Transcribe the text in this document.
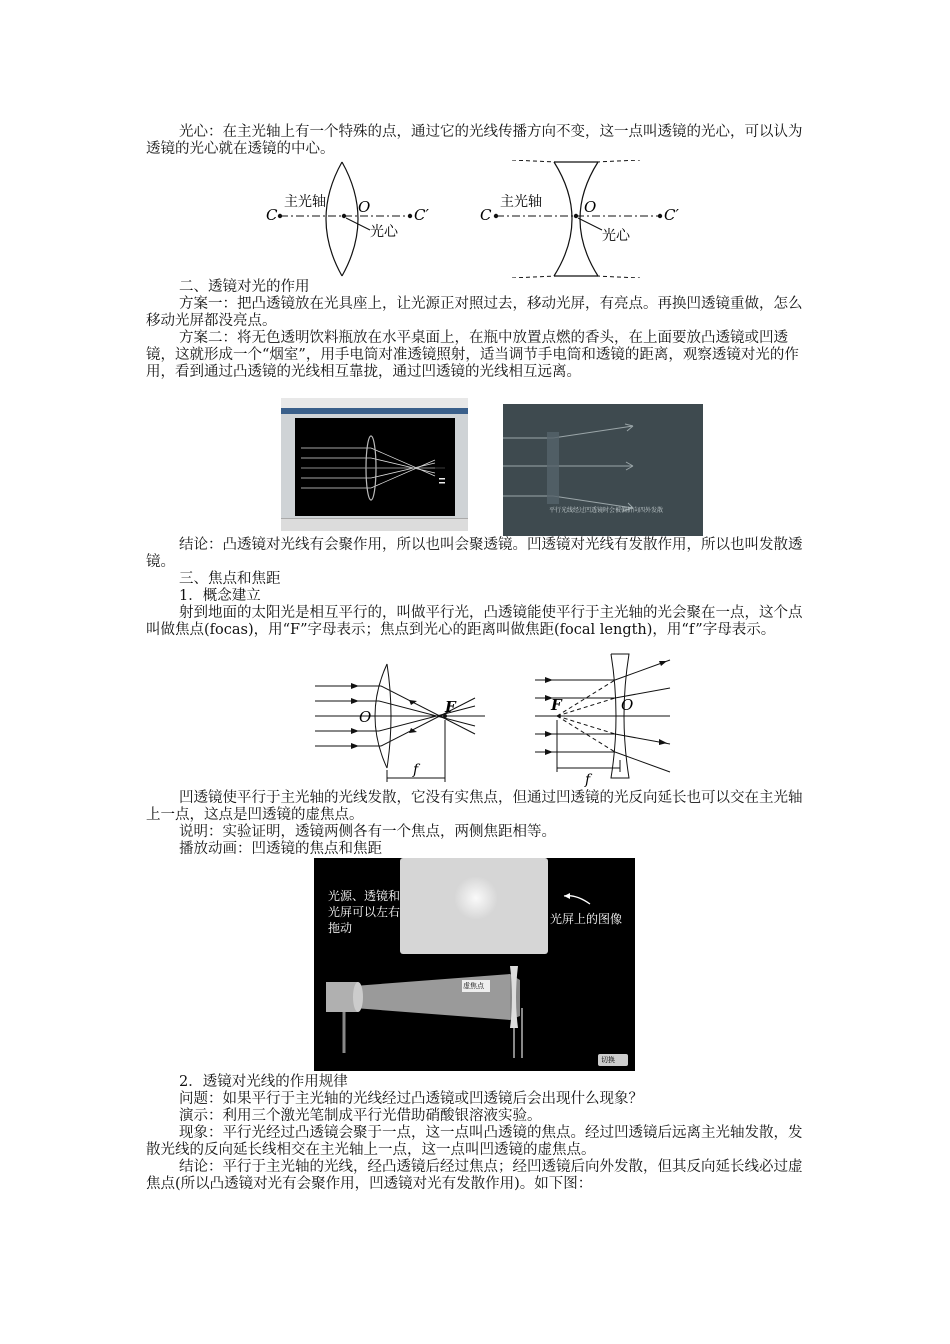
光心：在主光轴上有一个特殊的点，通过它的光线传播方向不变，这一点叫透镜的光心，可以认为透镜的光心就在透镜的中心。

C	C′
O
主光轴
光心
C	C′
O
主光轴
光心

二、透镜对光的作用

方案一：把凸透镜放在光具座上，让光源正对照过去，移动光屏，有亮点。再换凹透镜重做，怎么移动光屏都没亮点。

方案二：将无色透明饮料瓶放在水平桌面上，在瓶中放置点燃的香头，在上面要放凸透镜或凹透镜，这就形成一个“烟室”，用手电筒对准透镜照射，适当调节手电筒和透镜的距离，观察透镜对光的作用，看到通过凸透镜的光线相互靠拢，通过凹透镜的光线相互远离。

平行光线经过凹透镜时会被偏折向四外发散

结论：凸透镜对光线有会聚作用，所以也叫会聚透镜。凹透镜对光线有发散作用，所以也叫发散透镜。

三、焦点和焦距

1．概念建立

射到地面的太阳光是相互平行的，叫做平行光，凸透镜能使平行于主光轴的光会聚在一点，这个点叫做焦点(focas)，用“F”字母表示；焦点到光心的距离叫做焦距(focal length)，用“f”字母表示。

O
F
f
F	O
f

凹透镜使平行于主光轴的光线发散，它没有实焦点，但通过凹透镜的光反向延长也可以交在主光轴上一点，这点是凹透镜的虚焦点。

说明：实验证明，透镜两侧各有一个焦点，两侧焦距相等。

播放动画：凹透镜的焦点和焦距

光源、透镜和光屏可以左右拖动
光屏上的图像
虚焦点
切换

2．透镜对光线的作用规律

问题：如果平行于主光轴的光线经过凸透镜或凹透镜后会出现什么现象？

演示：利用三个激光笔制成平行光借助硝酸银溶液实验。

现象：平行光经过凸透镜会聚于一点，这一点叫凸透镜的焦点。经过凹透镜后远离主光轴发散，发散光线的反向延长线相交在主光轴上一点，这一点叫凹透镜的虚焦点。

结论：平行于主光轴的光线，经凸透镜后经过焦点；经凹透镜后向外发散，但其反向延长线必过虚焦点(所以凸透镜对光有会聚作用，凹透镜对光有发散作用)。如下图：
